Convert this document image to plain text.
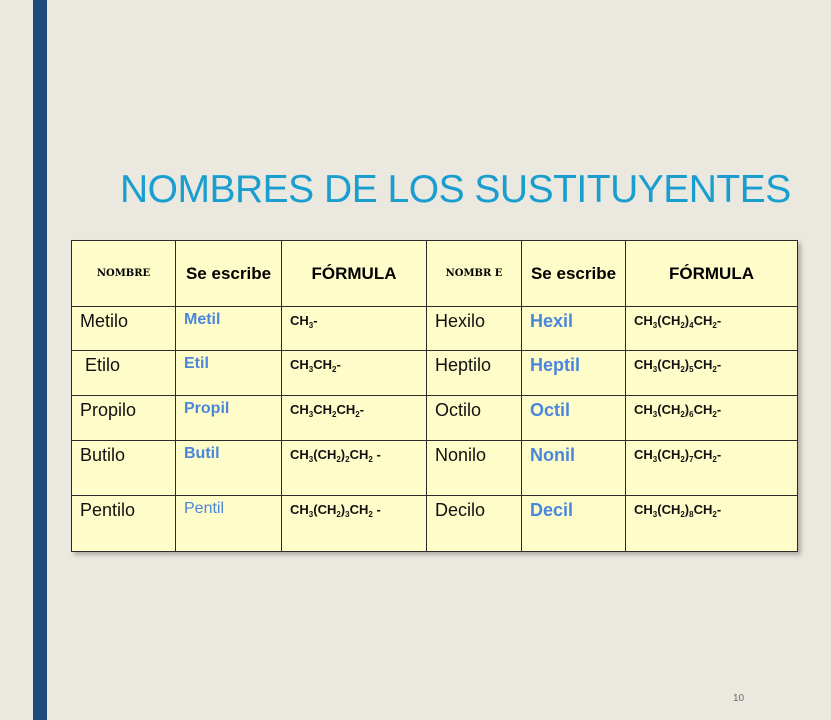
NOMBRES DE LOS SUSTITUYENTES
NOMBRE	Se escribe	FÓRMULA	NOMBR E	Se escribe	FÓRMULA
Metilo	Metil	$CH_3-$	Hexilo	Hexil	$CH_3(CH_2)_4CH_2-$
Etilo	Etil	$CH_3CH_2-$	Heptilo	Heptil	$CH_3(CH_2)_5CH_2-$
Propilo	Propil	$CH_3CH_2CH_2-$	Octilo	Octil	$CH_3(CH_2)_6CH_2-$
Butilo	Butil	$CH_3(CH_2)_2CH_2$ -	Nonilo	Nonil	$CH_3(CH_2)_7CH_2-$
Pentilo	Pentil	$CH_3(CH_2)_3CH_2$ -	Decilo	Decil	$CH_3(CH_2)_8CH_2-$
10
